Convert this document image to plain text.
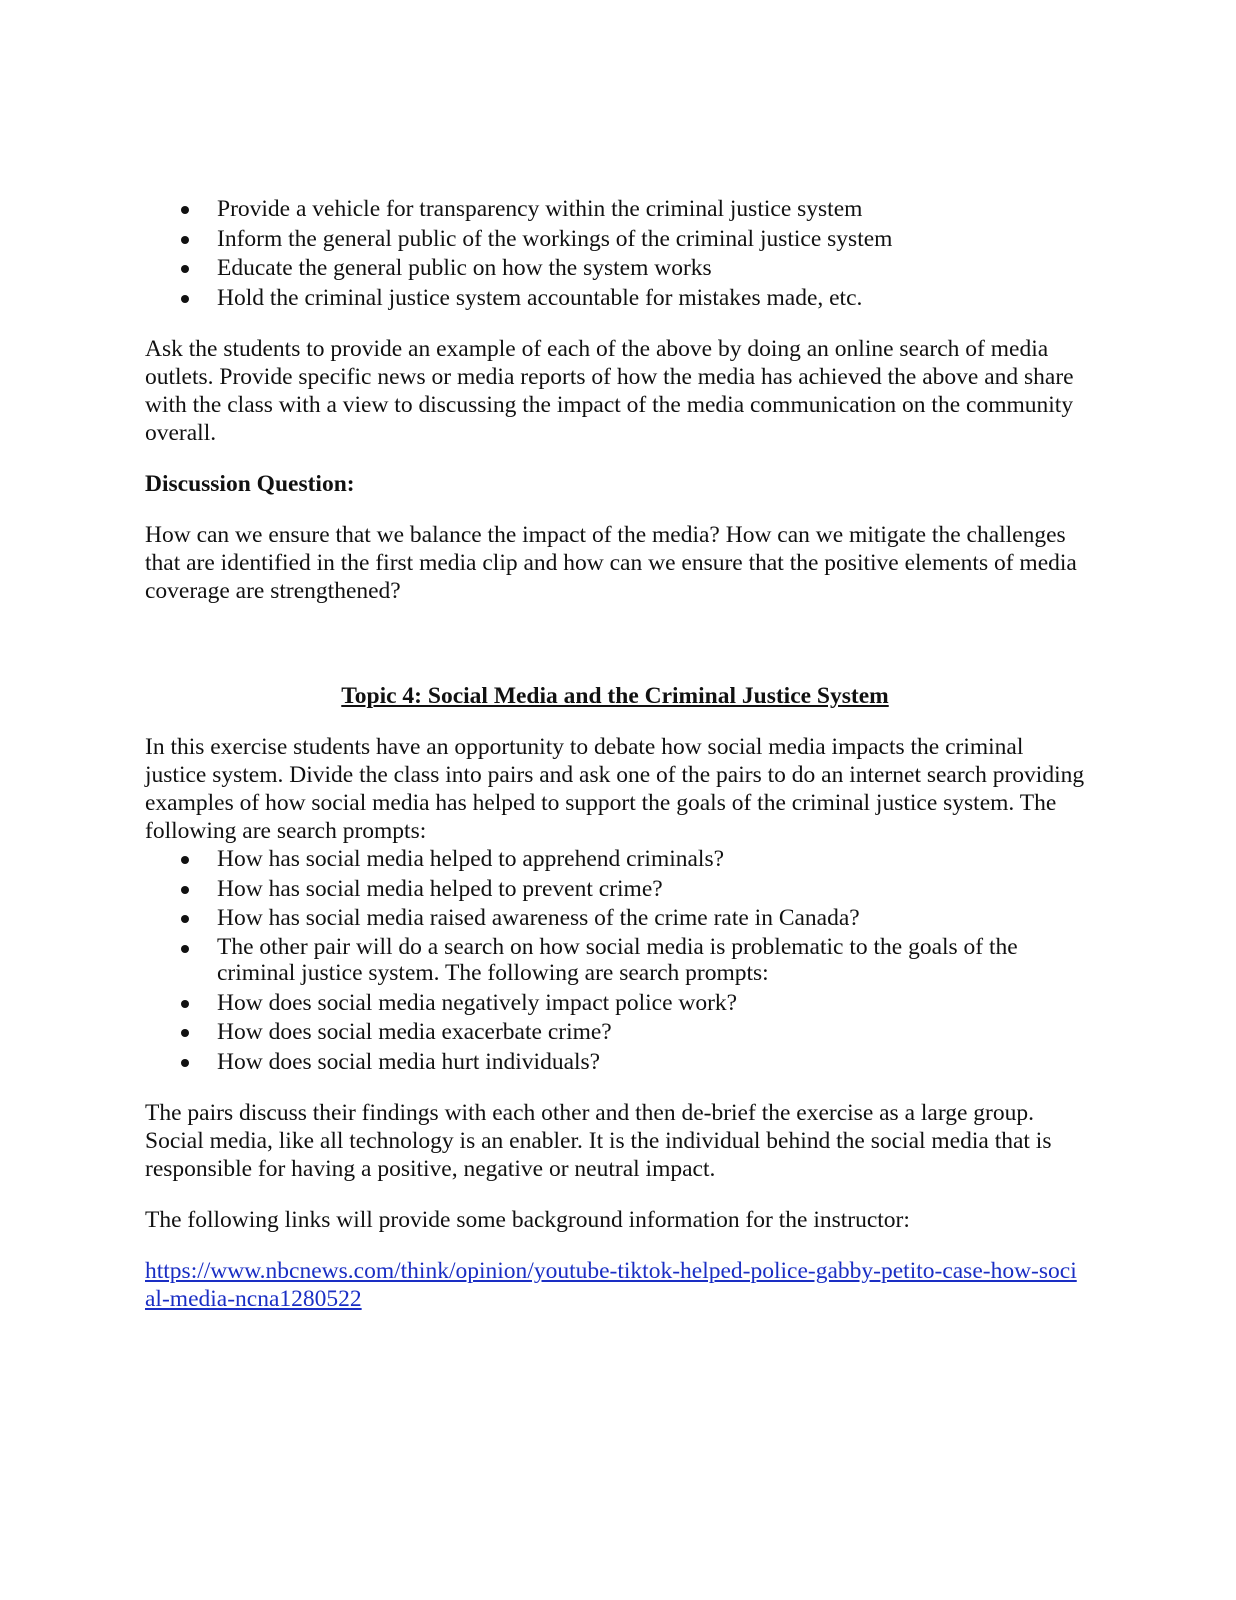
Provide a vehicle for transparency within the criminal justice system
Inform the general public of the workings of the criminal justice system
Educate the general public on how the system works
Hold the criminal justice system accountable for mistakes made, etc.

Ask the students to provide an example of each of the above by doing an online search of media outlets. Provide specific news or media reports of how the media has achieved the above and share with the class with a view to discussing the impact of the media communication on the community overall.

Discussion Question:

How can we ensure that we balance the impact of the media? How can we mitigate the challenges that are identified in the first media clip and how can we ensure that the positive elements of media coverage are strengthened?

Topic 4: Social Media and the Criminal Justice System

In this exercise students have an opportunity to debate how social media impacts the criminal justice system. Divide the class into pairs and ask one of the pairs to do an internet search providing examples of how social media has helped to support the goals of the criminal justice system. The following are search prompts:

How has social media helped to apprehend criminals?
How has social media helped to prevent crime?
How has social media raised awareness of the crime rate in Canada?
The other pair will do a search on how social media is problematic to the goals of the criminal justice system. The following are search prompts:
How does social media negatively impact police work?
How does social media exacerbate crime?
How does social media hurt individuals?

The pairs discuss their findings with each other and then de-brief the exercise as a large group. Social media, like all technology is an enabler. It is the individual behind the social media that is responsible for having a positive, negative or neutral impact.

The following links will provide some background information for the instructor:

https://www.nbcnews.com/think/opinion/youtube-tiktok-helped-police-gabby-petito-case-how-social-media-ncna1280522
